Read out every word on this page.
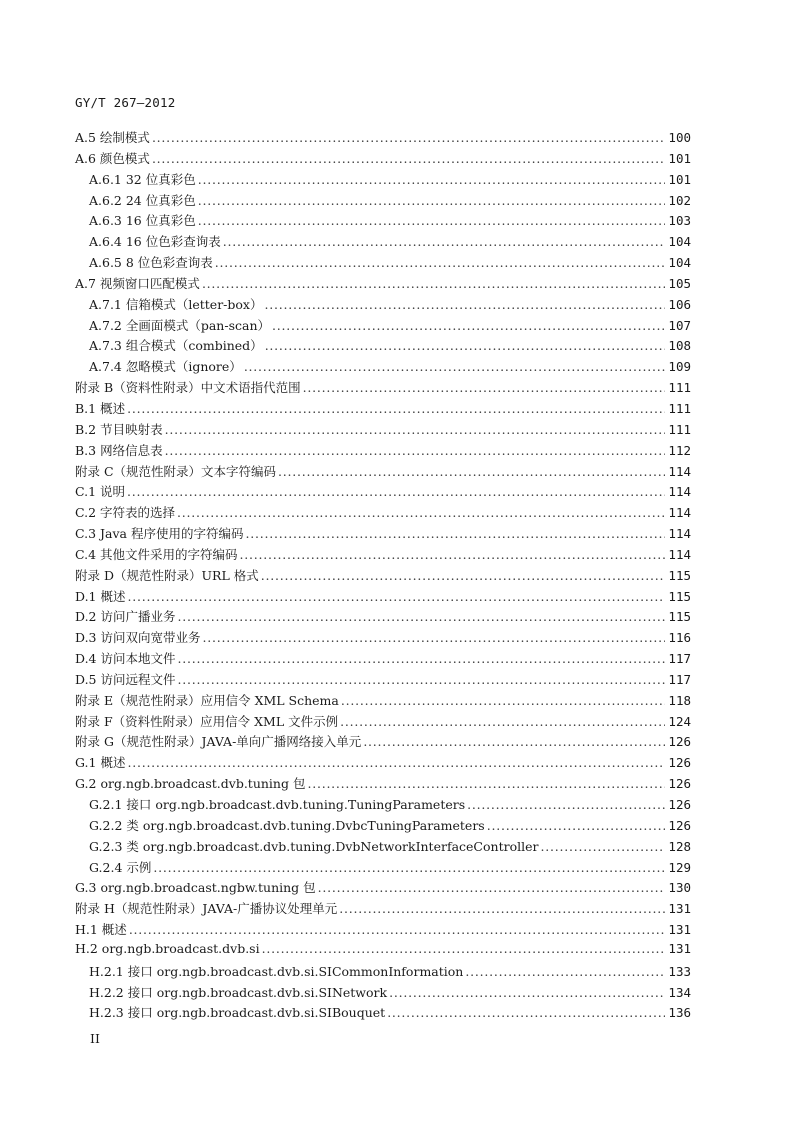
GY/T 267—2012
A.5 绘制模式 . . .	100
A.6 颜色模式 . . .	101
A.6.1 32 位真彩色 . . .	101
A.6.2 24 位真彩色 . . .	102
A.6.3 16 位真彩色 . . .	103
A.6.4 16 位色彩查询表 . . .	104
A.6.5 8 位色彩查询表 . . .	104
A.7 视频窗口匹配模式 . . .	105
A.7.1 信箱模式（letter-box） . . .	106
A.7.2 全画面模式（pan-scan） . . .	107
A.7.3 组合模式（combined） . . .	108
A.7.4 忽略模式（ignore） . . .	109
附录 B（资料性附录）中文术语指代范围 . . .	111
B.1 概述 . . .	111
B.2 节目映射表 . . .	111
B.3 网络信息表 . . .	112
附录 C（规范性附录）文本字符编码 . . .	114
C.1 说明 . . .	114
C.2 字符表的选择 . . .	114
C.3 Java 程序使用的字符编码 . . .	114
C.4 其他文件采用的字符编码 . . .	114
附录 D（规范性附录）URL 格式 . . .	115
D.1 概述 . . .	115
D.2 访问广播业务 . . .	115
D.3 访问双向宽带业务 . . .	116
D.4 访问本地文件 . . .	117
D.5 访问远程文件 . . .	117
附录 E（规范性附录）应用信令 XML Schema . . .	118
附录 F（资料性附录）应用信令 XML 文件示例 . . .	124
附录 G（规范性附录）JAVA-单向广播网络接入单元 . . .	126
G.1 概述 . . .	126
G.2 org.ngb.broadcast.dvb.tuning 包 . . .	126
G.2.1 接口 org.ngb.broadcast.dvb.tuning.TuningParameters . . .	126
G.2.2 类 org.ngb.broadcast.dvb.tuning.DvbcTuningParameters . . .	126
G.2.3 类 org.ngb.broadcast.dvb.tuning.DvbNetworkInterfaceController . . .	128
G.2.4 示例 . . .	129
G.3 org.ngb.broadcast.ngbw.tuning 包 . . .	130
附录 H（规范性附录）JAVA-广播协议处理单元 . . .	131
H.1 概述 . . .	131
H.2 org.ngb.broadcast.dvb.si . . .	131
H.2.1 接口 org.ngb.broadcast.dvb.si.SICommonInformation . . .	133
H.2.2 接口 org.ngb.broadcast.dvb.si.SINetwork . . .	134
H.2.3 接口 org.ngb.broadcast.dvb.si.SIBouquet . . .	136
II
